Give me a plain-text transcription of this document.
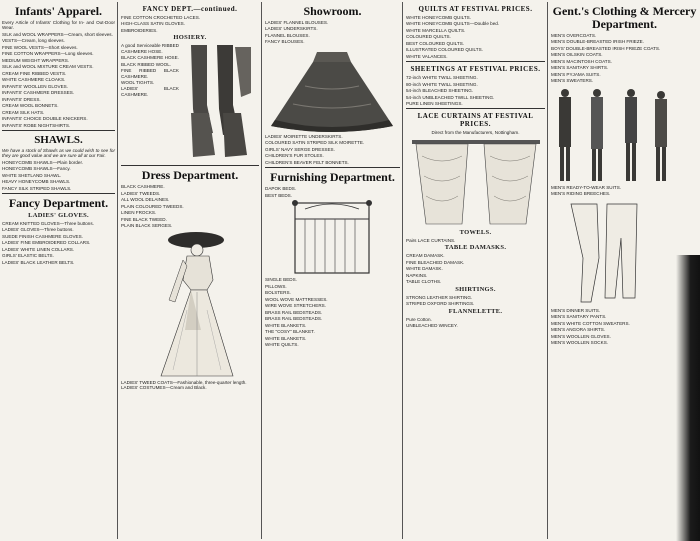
Infants' Apparel.
Every Article of Infants' Clothing for In- and Out-Door Wear.
SILK and WOOL WRAPPERS—Cream, short sleeves.
VESTS—Cream, long sleeves.
FINE WOOL VESTS—Short sleeves.
FINE COTTON WRAPPERS—Long sleeves.
MEDIUM WEIGHT WRAPPERS.
SILK and WOOL MIXTURE CREAM VESTS.
CREAM FINE RIBBED VESTS.
WHITE CASHMERE CLOAKS.
INFANTS' WOOLLEN GLOVES.
INFANTS' CASHMERE DRESSES.
INFANTS' DRESS.
CREAM WOOL BONNETS.
CREAM SILK HATS.
INFANTS' CHOICE DOUBLE KNICKERS.
INFANTS' ROBE NIGHTSHIRTS.
SHAWLS.
We have a stock of Shawls as we could wish to see for they are good value and we are sure all at our Fair.
HONEYCOMB SHAWLS—Plain border.
HONEYCOMB SHAWLS—Fancy.
WHITE SHETLAND SHAWL.
HEAVY HONEYCOMB SHAWLS.
FANCY SILK STRIPED SHAWLS.
Fancy Department.
LADIES' GLOVES.
CREAM KNITTED GLOVES—Three buttons.
LADIES' GLOVES—Three buttons.
SUEDE FINISH CASHMERE GLOVES.
LADIES' FINE EMBROIDERED COLLARS.
LADIES' WHITE LINEN COLLARS.
GIRLS' ELASTIC BELTS.
LADIES' BLACK LEATHER BELTS.
FANCY DEPT.—continued.
FINE COTTON CROCHETED LACES.
HIGH-CLASS SATIN GLOVES.
EMBROIDERIES.
HOSIERY.
A good Serviceable RIBBED CASHMERE HOSE.
BLACK CASHMERE HOSE.
BLACK RIBBED WOOL.
FINE RIBBED BLACK CASHMERE.
WOOL TIGHTS.
LADIES' BLACK CASHMERE.
Dress Department.
BLACK CASHMERE.
LADIES' TWEEDS.
ALL WOOL DELAINES.
PLAIN COLOURED TWEEDS.
LINEN FROCKS.
FINE BLACK TWEED.
PLAIN BLACK SERGES.
LADIES' TWEED COATS—Fashionable, three-quarter length.
LADIES' COSTUMES—Cream and Black.
Showroom.
LADIES' FLANNEL BLOUSES.
LADIES' UNDERSKIRTS.
FLANNEL BLOUSES.
FANCY BLOUSES.
LADIES' MOIRETTE UNDERSKIRTS.
COLOURED SATIN STRIPED SILK MOIRETTE.
GIRLS' NAVY SERGE DRESSES.
CHILDREN'S FUR STOLES.
CHILDREN'S BEAVER FELT BONNETS.
Furnishing Department.
DAPOK BEDS.
BEST BEDS.
SINGLE BEDS.
PILLOWS.
BOLSTERS.
WOOL WOVE MATTRESSES.
WIRE WOVE STRETCHERS.
BRASS RAIL BEDSTEADS.
BRASS RAIL BEDSTEADS.
WHITE BLANKETS.
THE "COSY" BLANKET.
WHITE BLANKETS.
WHITE QUILTS.
QUILTS AT FESTIVAL PRICES.
WHITE HONEYCOMB QUILTS.
WHITE HONEYCOMB QUILTS—Double bed.
WHITE MARCELLA QUILTS.
COLOURED QUILTS.
BEST COLOURED QUILTS.
ILLUSTRATED COLOURED QUILTS.
WHITE VALANCES.
SHEETINGS AT FESTIVAL PRICES.
72-inch WHITE TWILL SHEETING.
80-inch WHITE TWILL SHEETING.
54-inch BLEACHED SHEETING.
54-inch UNBLEACHED TWILL SHEETING.
PURE LINEN SHEETINGS.
LACE CURTAINS AT FESTIVAL PRICES.
Direct from the Manufacturers, Nottingham.
TOWELS.
Pairs LACE CURTAINS.
TABLE DAMASKS.
CREAM DAMASK.
FINE BLEACHED DAMASK.
WHITE DAMASK.
NAPKINS.
TABLE CLOTHS.
SHIRTINGS.
STRONG LEATHER SHIRTING.
STRIPED OXFORD SHIRTINGS.
FLANNELETTE.
Pure Cotton.
UNBLEACHED WINCEY.
Gent.'s Clothing & Mercery Department.
MEN'S OVERCOATS.
MEN'S DOUBLE-BREASTED IRISH FRIEZE.
BOYS' DOUBLE-BREASTED IRISH FRIEZE COATS.
MEN'S OILSKIN COATS.
MEN'S MACINTOSH COATS.
MEN'S SANITARY SHIRTS.
MEN'S PYJAMA SUITS.
MEN'S SWEATERS.
MEN'S READY-TO-WEAR SUITS.
MEN'S RIDING BREECHES.
MEN'S DINNER SUITS.
MEN'S SANITARY PANTS.
MEN'S WHITE COTTON SWEATERS.
MEN'S ANGORA SHIRTS.
MEN'S WOOLLEN GLOVES.
MEN'S WOOLLEN SOCKS.
